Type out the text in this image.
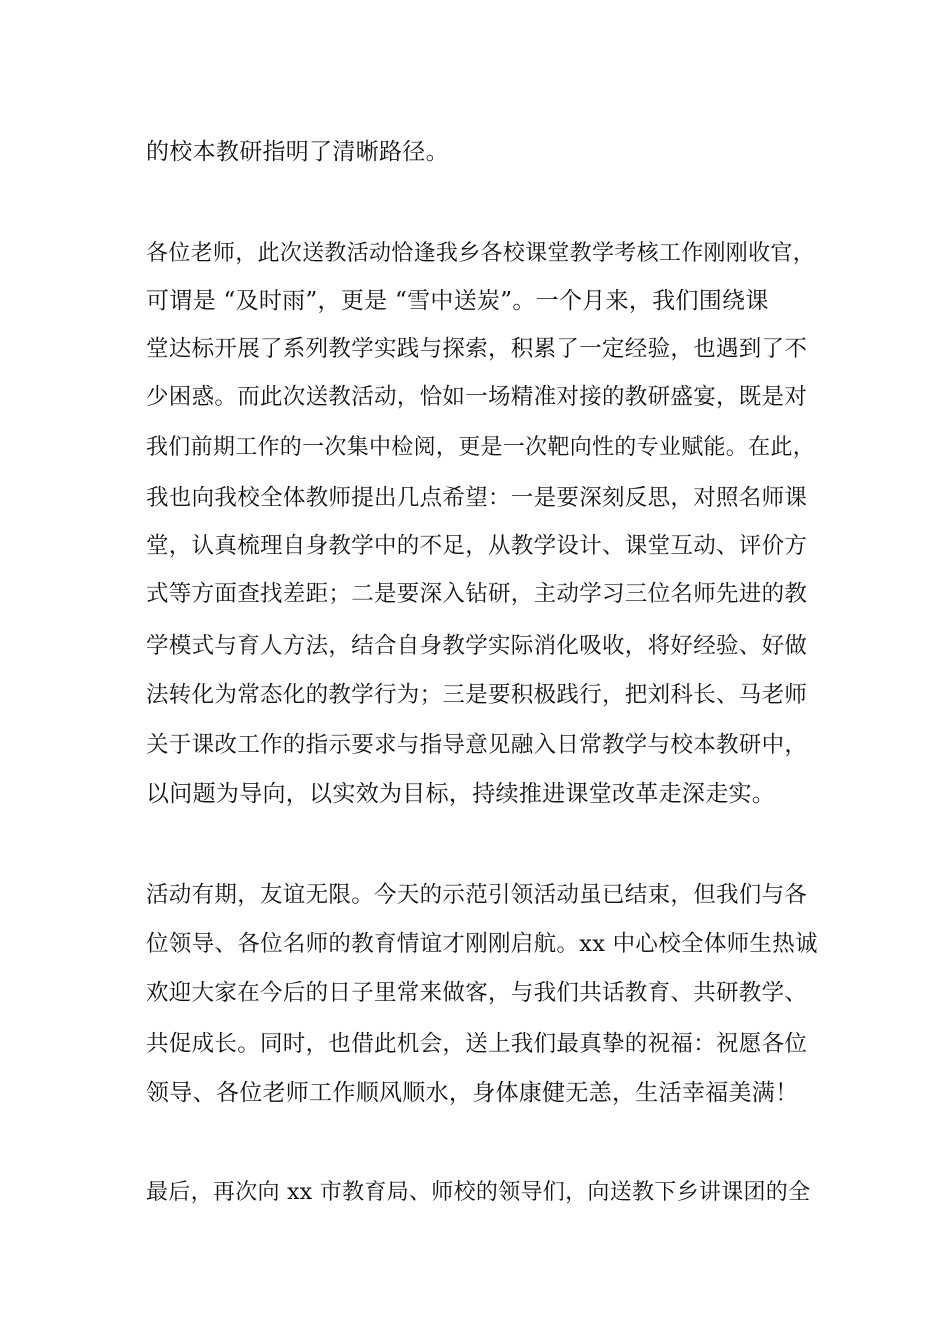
的校本教研指明了清晰路径。
各位老师，此次送教活动恰逢我乡各校课堂教学考核工作刚刚收官，
可谓是 “及时雨”，更是 “雪中送炭”。一个月来，我们围绕课
堂达标开展了系列教学实践与探索，积累了一定经验，也遇到了不
少困惑。而此次送教活动，恰如一场精准对接的教研盛宴，既是对
我们前期工作的一次集中检阅，更是一次靶向性的专业赋能。在此，
我也向我校全体教师提出几点希望：一是要深刻反思，对照名师课
堂，认真梳理自身教学中的不足，从教学设计、课堂互动、评价方
式等方面查找差距；二是要深入钻研，主动学习三位名师先进的教
学模式与育人方法，结合自身教学实际消化吸收，将好经验、好做
法转化为常态化的教学行为；三是要积极践行，把刘科长、马老师
关于课改工作的指示要求与指导意见融入日常教学与校本教研中，
以问题为导向，以实效为目标，持续推进课堂改革走深走实。
活动有期，友谊无限。今天的示范引领活动虽已结束，但我们与各
位领导、各位名师的教育情谊才刚刚启航。xx 中心校全体师生热诚
欢迎大家在今后的日子里常来做客，与我们共话教育、共研教学、
共促成长。同时，也借此机会，送上我们最真挚的祝福：祝愿各位
领导、各位老师工作顺风顺水，身体康健无恙，生活幸福美满！
最后，再次向 xx 市教育局、师校的领导们，向送教下乡讲课团的全
